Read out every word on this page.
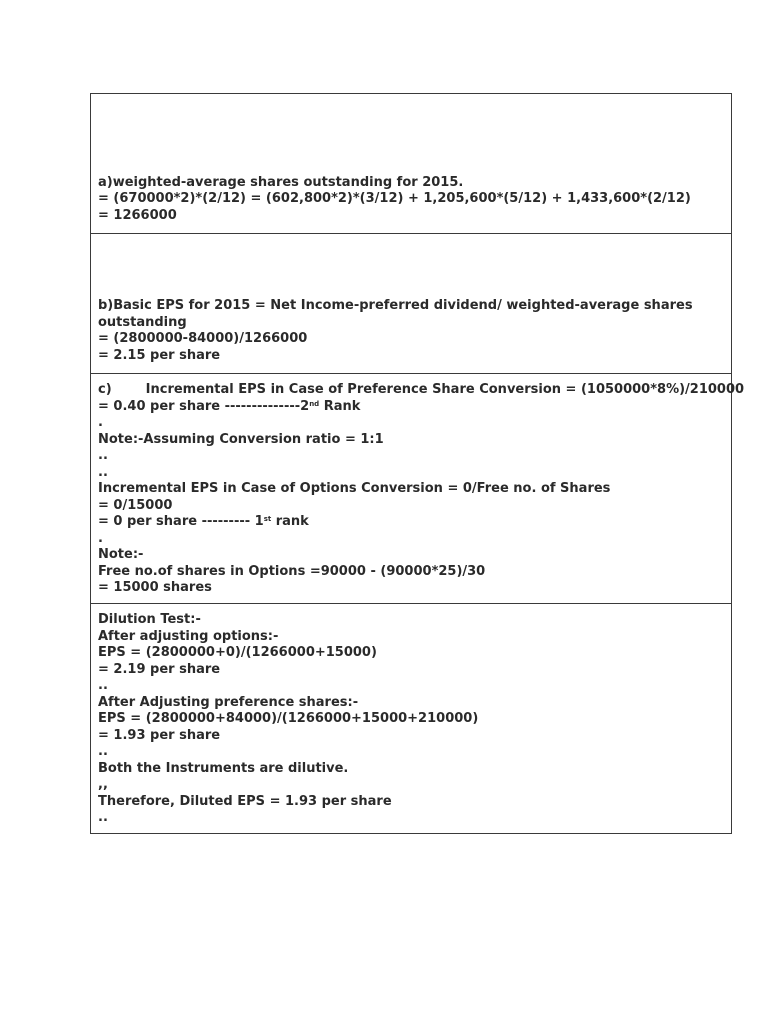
a)weighted-average shares outstanding for 2015.
= (670000*2)*(2/12) = (602,800*2)*(3/12) + 1,205,600*(5/12) + 1,433,600*(2/12)
= 1266000
b)Basic EPS for 2015 = Net Income-preferred dividend/ weighted-average shares outstanding
= (2800000-84000)/1266000
= 2.15 per share
c)	Incremental EPS in Case of Preference Share Conversion = (1050000*8%)/210000
= 0.40 per share --------------2nd Rank
.
Note:-Assuming Conversion ratio = 1:1
..
..
Incremental EPS in Case of Options Conversion = 0/Free no. of Shares
= 0/15000
= 0 per share --------- 1st rank
.
Note:-
Free no.of shares in Options =90000 - (90000*25)/30
= 15000 shares
Dilution Test:-
After adjusting options:-
EPS = (2800000+0)/(1266000+15000)
= 2.19 per share
..
After Adjusting preference shares:-
EPS = (2800000+84000)/(1266000+15000+210000)
= 1.93 per share
..
Both the Instruments are dilutive.
,,
Therefore, Diluted EPS = 1.93 per share
..
